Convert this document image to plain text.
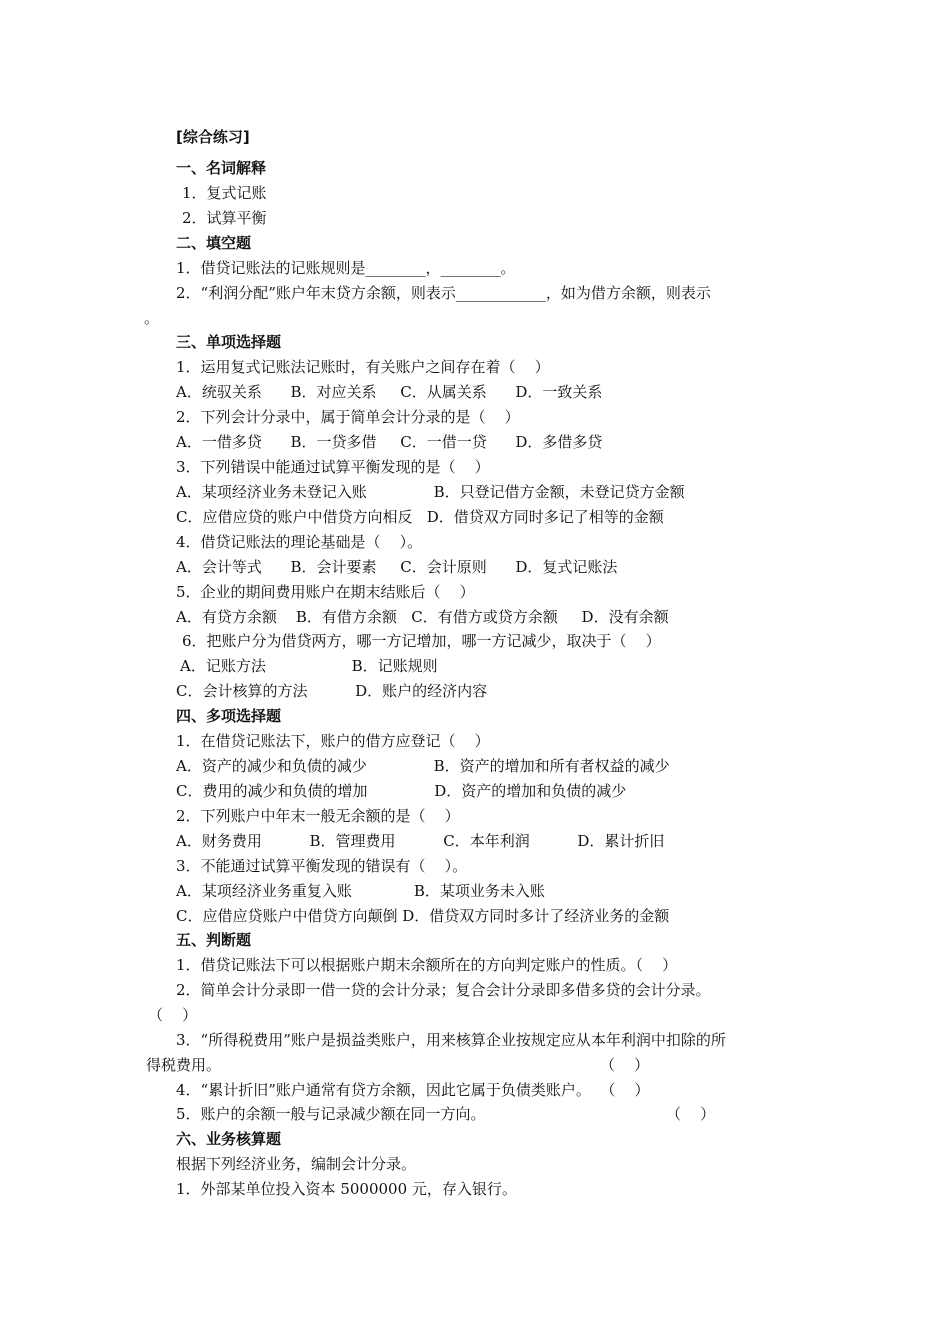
[综合练习]
一、名词解释
1．复式记账
2．试算平衡
二、填空题
1．借贷记账法的记账规则是________，________。
2．“利润分配”账户年末贷方余额，则表示____________，如为借方余额，则表示
。
三、单项选择题
1．运用复式记账法记账时，有关账户之间存在着（    ）
A．统驭关系      B．对应关系     C．从属关系      D．一致关系
2．下列会计分录中，属于简单会计分录的是（    ）
A．一借多贷      B．一贷多借     C．一借一贷      D．多借多贷
3．下列错误中能通过试算平衡发现的是（    ）
A．某项经济业务未登记入账              B．只登记借方金额，未登记贷方金额
C．应借应贷的账户中借贷方向相反   D．借贷双方同时多记了相等的金额
4．借贷记账法的理论基础是（    ）。
A．会计等式      B．会计要素     C．会计原则      D．复式记账法
5．企业的期间费用账户在期末结账后（    ）
A．有贷方余额    B．有借方余额   C．有借方或贷方余额     D．没有余额
6．把账户分为借贷两方，哪一方记增加，哪一方记减少，取决于（    ）
A．记账方法                  B．记账规则
C．会计核算的方法          D．账户的经济内容
四、多项选择题
1．在借贷记账法下，账户的借方应登记（    ）
A．资产的减少和负债的减少              B．资产的增加和所有者权益的减少
C．费用的减少和负债的增加              D．资产的增加和负债的减少
2．下列账户中年末一般无余额的是（    ）
A．财务费用          B．管理费用          C．本年利润          D．累计折旧
3．不能通过试算平衡发现的错误有（    ）。
A．某项经济业务重复入账             B．某项业务未入账
C．应借应贷账户中借贷方向颠倒 D．借贷双方同时多计了经济业务的金额
五、判断题
1．借贷记账法下可以根据账户期末余额所在的方向判定账户的性质。（    ）
2．简单会计分录即一借一贷的会计分录；复合会计分录即多借多贷的会计分录。
（    ）
3．“所得税费用”账户是损益类账户，用来核算企业按规定应从本年利润中扣除的所
得税费用。	（    ）
4．“累计折旧”账户通常有贷方余额，因此它属于负债类账户。  （    ）
5．账户的余额一般与记录减少额在同一方向。	（    ）
六、业务核算题
根据下列经济业务，编制会计分录。
1．外部某单位投入资本 5000000 元，存入银行。
